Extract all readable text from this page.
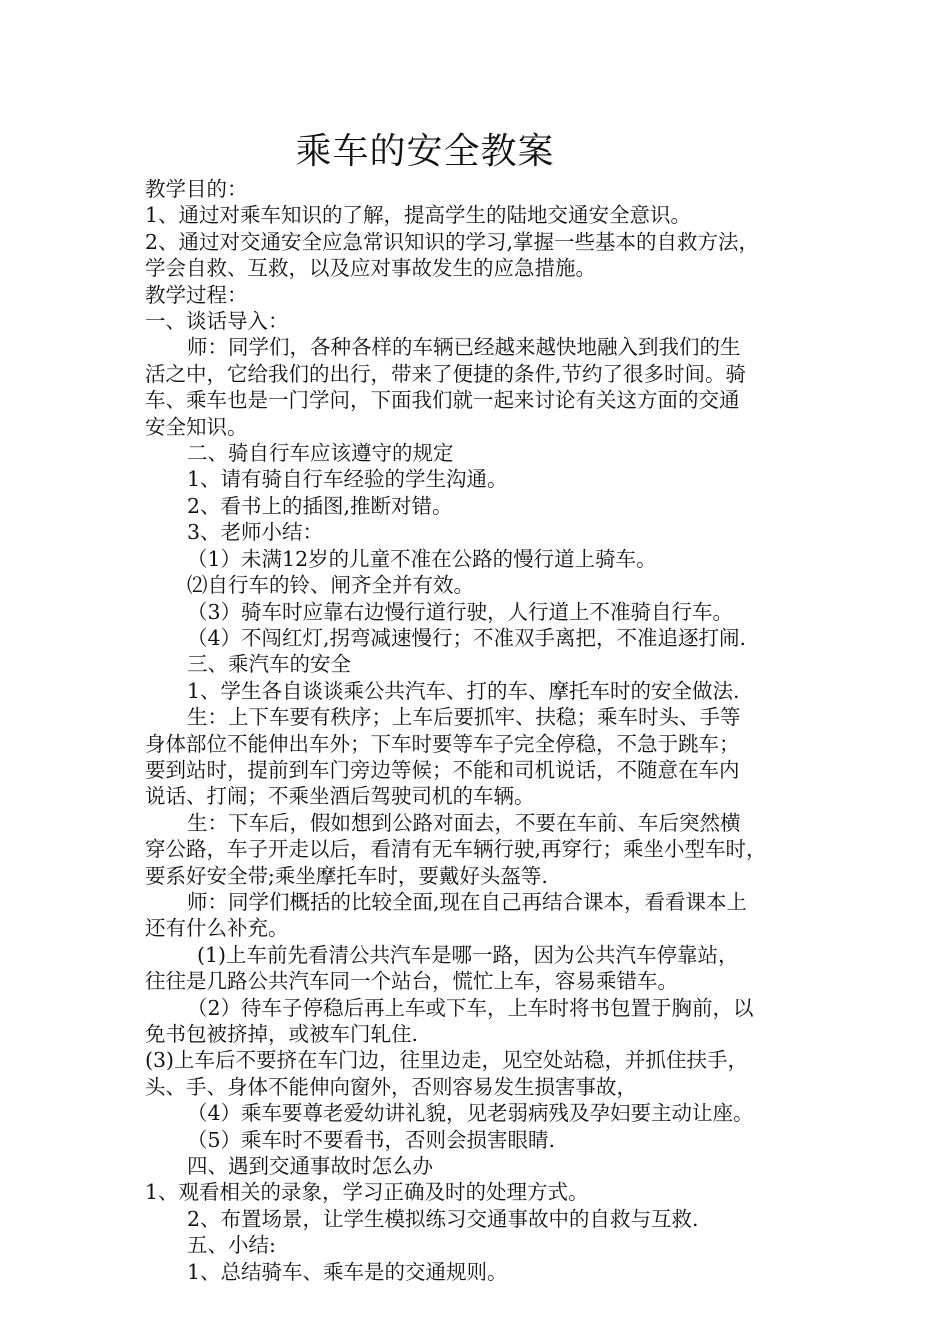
乘车的安全教案

教学目的：

1、通过对乘车知识的了解，提高学生的陆地交通安全意识。

2、通过对交通安全应急常识知识的学习,掌握一些基本的自救方法，

学会自救、互救，以及应对事故发生的应急措施。

教学过程：

一、谈话导入：

师：同学们，各种各样的车辆已经越来越快地融入到我们的生

活之中，它给我们的出行，带来了便捷的条件,节约了很多时间。骑

车、乘车也是一门学问，下面我们就一起来讨论有关这方面的交通

安全知识。

二、骑自行车应该遵守的规定

1、请有骑自行车经验的学生沟通。

2、看书上的插图,推断对错。

3、老师小结：

（1）未满12岁的儿童不准在公路的慢行道上骑车。

⑵自行车的铃、闸齐全并有效。

（3）骑车时应靠右边慢行道行驶，人行道上不准骑自行车。

（4）不闯红灯,拐弯减速慢行；不准双手离把，不准追逐打闹.

三、乘汽车的安全

1、学生各自谈谈乘公共汽车、打的车、摩托车时的安全做法.

生：上下车要有秩序；上车后要抓牢、扶稳；乘车时头、手等

身体部位不能伸出车外；下车时要等车子完全停稳，不急于跳车；

要到站时，提前到车门旁边等候；不能和司机说话，不随意在车内

说话、打闹；不乘坐酒后驾驶司机的车辆。

生：下车后，假如想到公路对面去，不要在车前、车后突然横

穿公路，车子开走以后，看清有无车辆行驶,再穿行；乘坐小型车时，

要系好安全带;乘坐摩托车时，要戴好头盔等.

师：同学们概括的比较全面,现在自己再结合课本，看看课本上

还有什么补充。

(1)上车前先看清公共汽车是哪一路，因为公共汽车停靠站，

往往是几路公共汽车同一个站台，慌忙上车，容易乘错车。

（2）待车子停稳后再上车或下车，上车时将书包置于胸前，以

免书包被挤掉，或被车门轧住.

(3)上车后不要挤在车门边，往里边走，见空处站稳，并抓住扶手，

头、手、身体不能伸向窗外，否则容易发生损害事故，

（4）乘车要尊老爱幼讲礼貌，见老弱病残及孕妇要主动让座。

（5）乘车时不要看书，否则会损害眼睛.

四、遇到交通事故时怎么办

1、观看相关的录象，学习正确及时的处理方式。

2、布置场景，让学生模拟练习交通事故中的自救与互救.

五、小结:

1、总结骑车、乘车是的交通规则。
